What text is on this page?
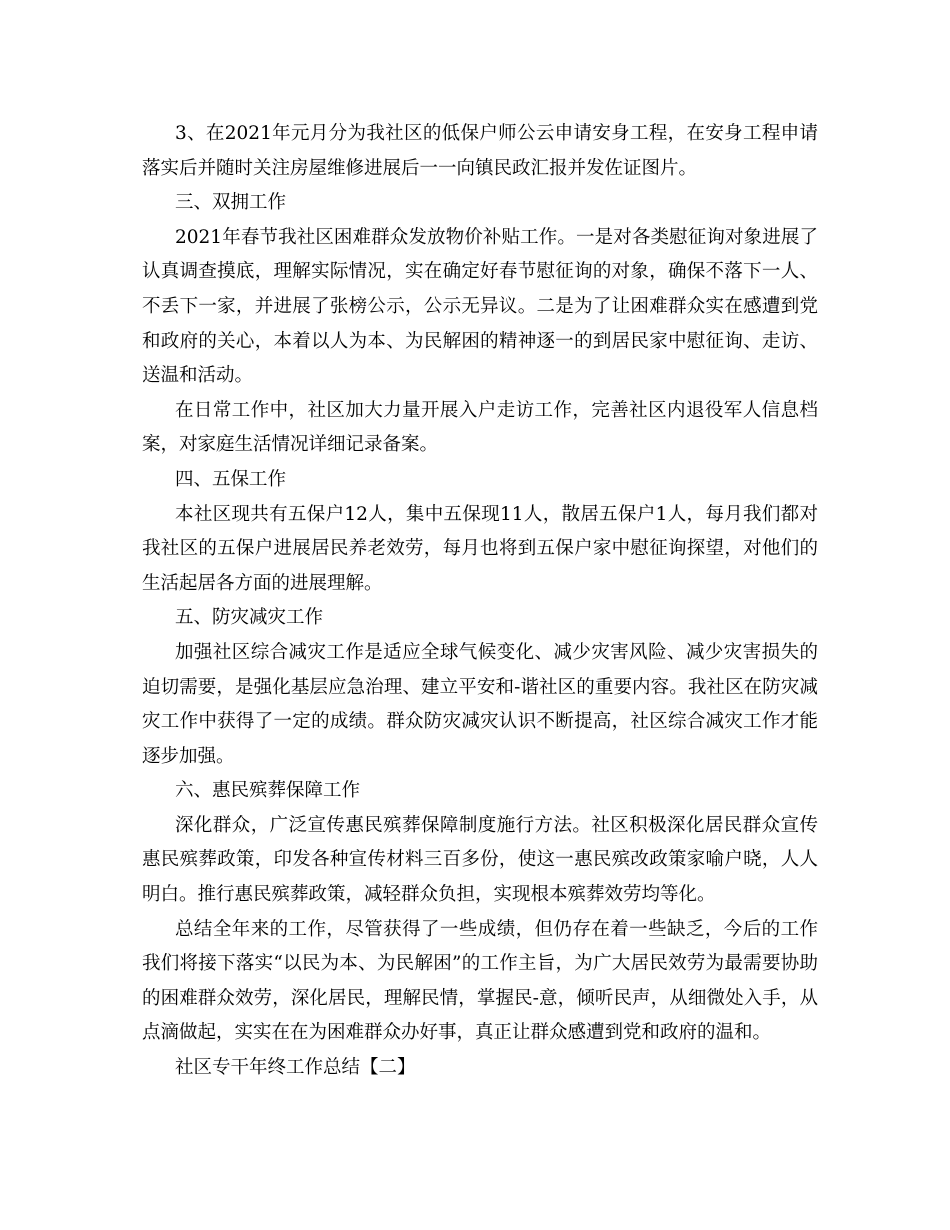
3、在2021年元月分为我社区的低保户师公云申请安身工程，在安身工程申请落实后并随时关注房屋维修进展后一一向镇民政汇报并发佐证图片。

三、双拥工作

2021年春节我社区困难群众发放物价补贴工作。一是对各类慰征询对象进展了认真调查摸底，理解实际情况，实在确定好春节慰征询的对象，确保不落下一人、不丢下一家，并进展了张榜公示，公示无异议。二是为了让困难群众实在感遭到党和政府的关心，本着以人为本、为民解困的精神逐一的到居民家中慰征询、走访、送温和活动。

在日常工作中，社区加大力量开展入户走访工作，完善社区内退役军人信息档案，对家庭生活情况详细记录备案。

四、五保工作

本社区现共有五保户12人，集中五保现11人，散居五保户1人，每月我们都对我社区的五保户进展居民养老效劳，每月也将到五保户家中慰征询探望，对他们的生活起居各方面的进展理解。

五、防灾减灾工作

加强社区综合减灾工作是适应全球气候变化、减少灾害风险、减少灾害损失的迫切需要，是强化基层应急治理、建立平安和-谐社区的重要内容。我社区在防灾减灾工作中获得了一定的成绩。群众防灾减灾认识不断提高，社区综合减灾工作才能逐步加强。

六、惠民殡葬保障工作

深化群众，广泛宣传惠民殡葬保障制度施行方法。社区积极深化居民群众宣传惠民殡葬政策，印发各种宣传材料三百多份，使这一惠民殡改政策家喻户晓，人人明白。推行惠民殡葬政策，减轻群众负担，实现根本殡葬效劳均等化。

总结全年来的工作，尽管获得了一些成绩，但仍存在着一些缺乏，今后的工作我们将接下落实“以民为本、为民解困”的工作主旨，为广大居民效劳为最需要协助的困难群众效劳，深化居民，理解民情，掌握民-意，倾听民声，从细微处入手，从点滴做起，实实在在为困难群众办好事，真正让群众感遭到党和政府的温和。

社区专干年终工作总结【二】
